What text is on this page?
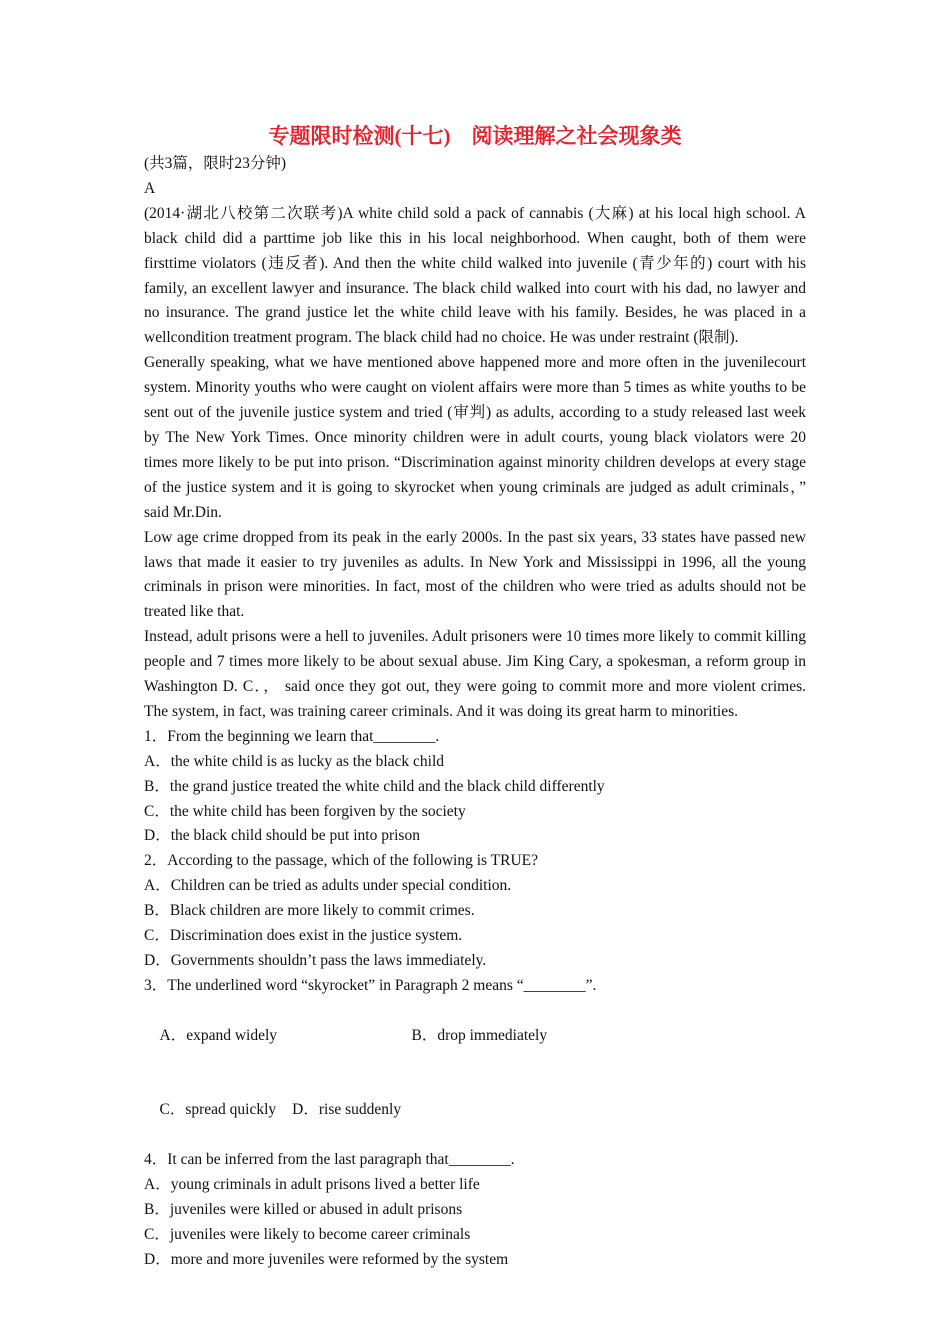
专题限时检测(十七)　阅读理解之社会现象类
(共3篇，限时23分钟)
A

(2014·湖北八校第二次联考)A white child sold a pack of cannabis (大麻) at his local high school. A black child did a parttime job like this in his local neighborhood. When caught, both of them were firsttime violators (违反者). And then the white child walked into juvenile (青少年的) court with his family, an excellent lawyer and insurance. The black child walked into court with his dad, no lawyer and no insurance. The grand justice let the white child leave with his family. Besides, he was placed in a wellcondition treatment program. The black child had no choice. He was under restraint (限制).

Generally speaking, what we have mentioned above happened more and more often in the juvenilecourt system. Minority youths who were caught on violent affairs were more than 5 times as white youths to be sent out of the juvenile justice system and tried (审判) as adults, according to a study released last week by The New York Times. Once minority children were in adult courts, young black violators were 20 times more likely to be put into prison. “Discrimination against minority children develops at every stage of the justice system and it is going to skyrocket when young criminals are judged as adult criminals，” said Mr.Din.

Low age crime dropped from its peak in the early 2000s. In the past six years, 33 states have passed new laws that made it easier to try juveniles as adults. In New York and Mississippi in 1996, all the young criminals in prison were minorities. In fact, most of the children who were tried as adults should not be treated like that.

Instead, adult prisons were a hell to juveniles. Adult prisoners were 10 times more likely to commit killing people and 7 times more likely to be about sexual abuse. Jim King Cary, a spokesman, a reform group in Washington D. C．， said once they got out, they were going to commit more and more violent crimes. The system, in fact, was training career criminals. And it was doing its great harm to minorities.

1．From the beginning we learn that________.
A．the white child is as lucky as the black child
B．the grand justice treated the white child and the black child differently
C．the white child has been forgiven by the society
D．the black child should be put into prison
2．According to the passage, which of the following is TRUE?
A．Children can be tried as adults under special condition.
B．Black children are more likely to commit crimes.
C．Discrimination does exist in the justice system.
D．Governments shouldn’t pass the laws immediately.
3．The underlined word “skyrocket” in Paragraph 2 means “________”.

A．expand widely	B．drop immediately

C．spread quickly D．rise suddenly

4．It can be inferred from the last paragraph that________.
A．young criminals in adult prisons lived a better life
B．juveniles were killed or abused in adult prisons
C．juveniles were likely to become career criminals
D．more and more juveniles were reformed by the system
